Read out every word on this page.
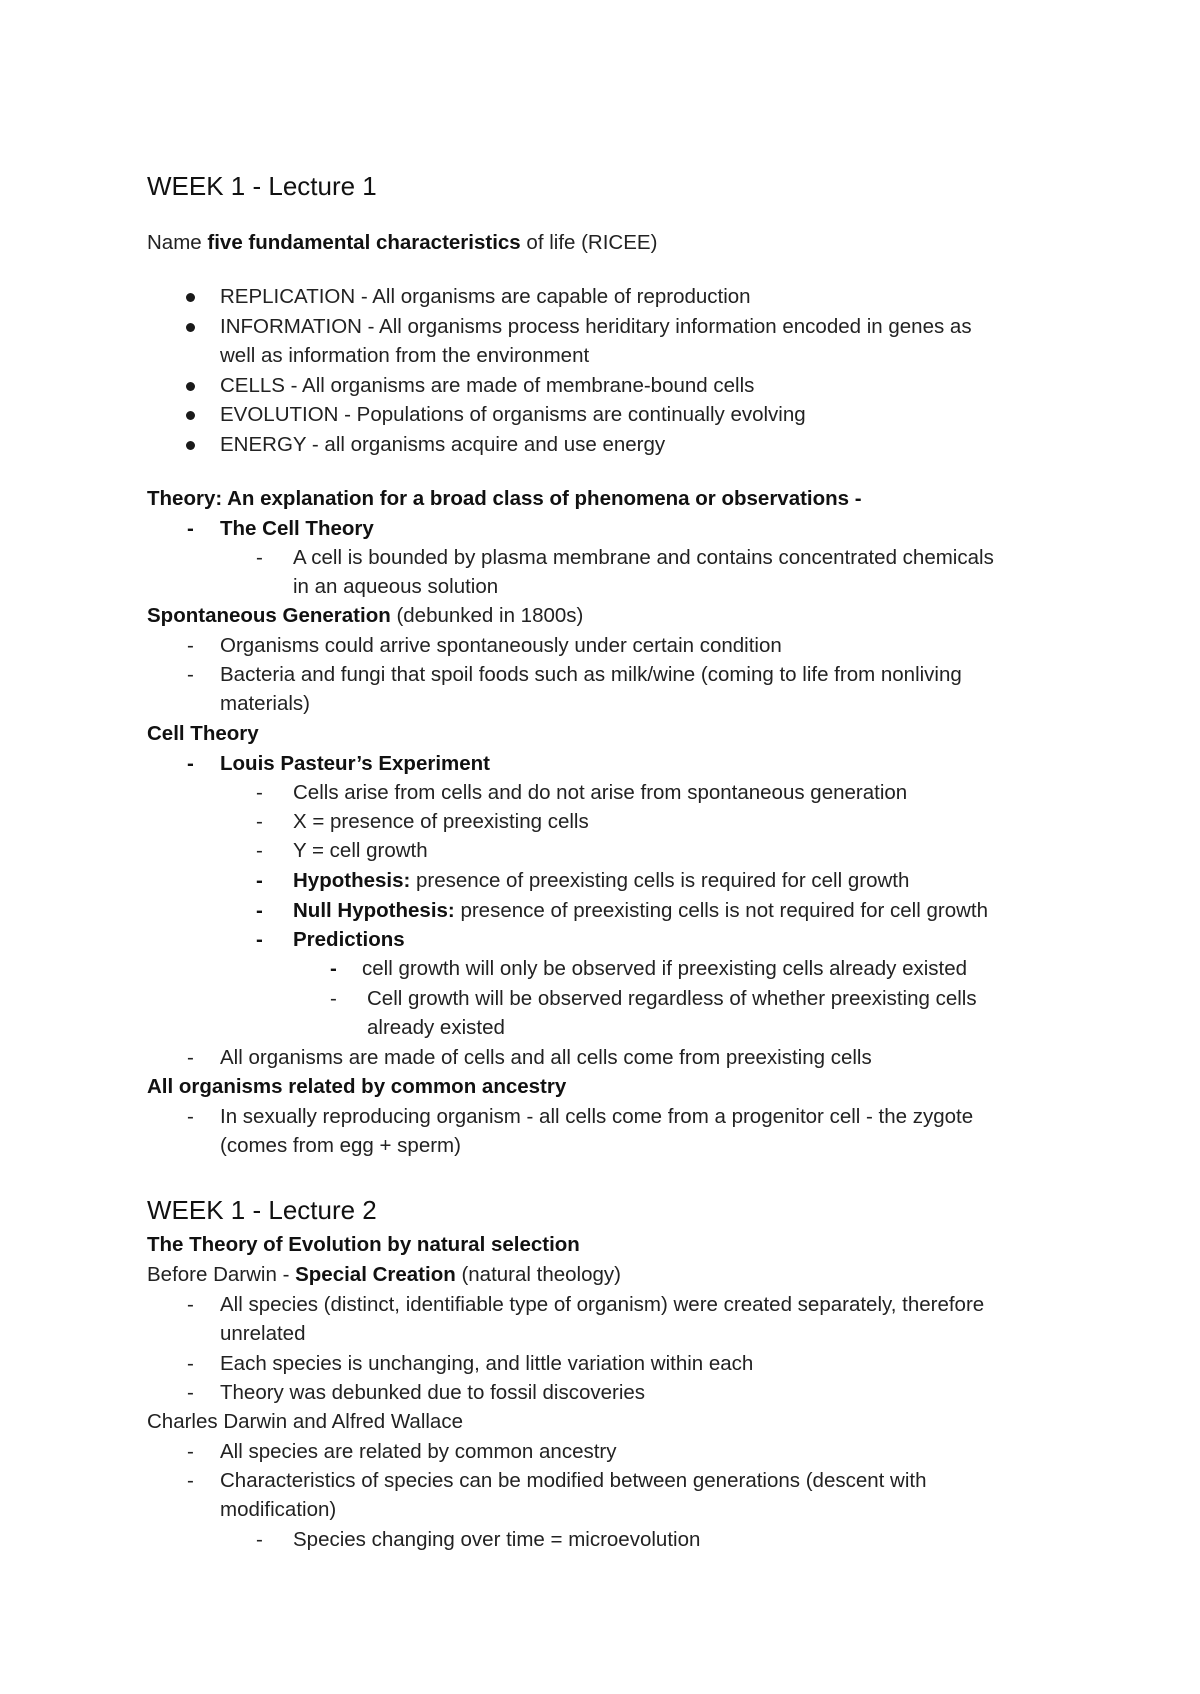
WEEK 1 - Lecture 1
Name five fundamental characteristics of life (RICEE)
REPLICATION - All organisms are capable of reproduction
INFORMATION - All organisms process heriditary information encoded in genes as
well as information from the environment
CELLS - All organisms are made of membrane-bound cells
EVOLUTION - Populations of organisms are continually evolving
ENERGY - all organisms acquire and use energy
Theory: An explanation for a broad class of phenomena or observations -
- The Cell Theory
- A cell is bounded by plasma membrane and contains concentrated chemicals
in an aqueous solution
Spontaneous Generation (debunked in 1800s)
- Organisms could arrive spontaneously under certain condition
- Bacteria and fungi that spoil foods such as milk/wine (coming to life from nonliving
materials)
Cell Theory
- Louis Pasteur’s Experiment
- Cells arise from cells and do not arise from spontaneous generation
- X = presence of preexisting cells
- Y = cell growth
- Hypothesis: presence of preexisting cells is required for cell growth
- Null Hypothesis: presence of preexisting cells is not required for cell growth
- Predictions
- cell growth will only be observed if preexisting cells already existed
- Cell growth will be observed regardless of whether preexisting cells
already existed
- All organisms are made of cells and all cells come from preexisting cells
All organisms related by common ancestry
- In sexually reproducing organism - all cells come from a progenitor cell - the zygote
(comes from egg + sperm)
WEEK 1 - Lecture 2
The Theory of Evolution by natural selection
Before Darwin - Special Creation (natural theology)
- All species (distinct, identifiable type of organism) were created separately, therefore
unrelated
- Each species is unchanging, and little variation within each
- Theory was debunked due to fossil discoveries
Charles Darwin and Alfred Wallace
- All species are related by common ancestry
- Characteristics of species can be modified between generations (descent with
modification)
- Species changing over time = microevolution
